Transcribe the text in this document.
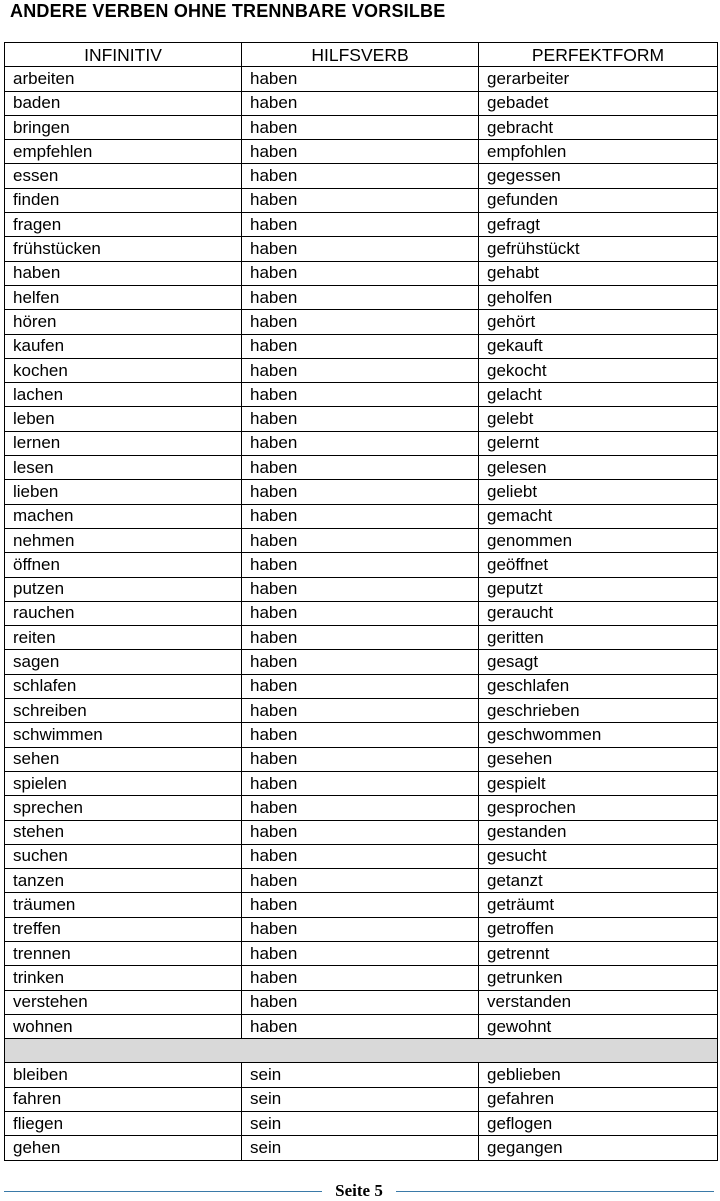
ANDERE VERBEN OHNE TRENNBARE VORSILBE
INFINITIV	HILFSVERB	PERFEKTFORM
arbeiten	haben	gerarbeiter
baden	haben	gebadet
bringen	haben	gebracht
empfehlen	haben	empfohlen
essen	haben	gegessen
finden	haben	gefunden
fragen	haben	gefragt
frühstücken	haben	gefrühstückt
haben	haben	gehabt
helfen	haben	geholfen
hören	haben	gehört
kaufen	haben	gekauft
kochen	haben	gekocht
lachen	haben	gelacht
leben	haben	gelebt
lernen	haben	gelernt
lesen	haben	gelesen
lieben	haben	geliebt
machen	haben	gemacht
nehmen	haben	genommen
öffnen	haben	geöffnet
putzen	haben	geputzt
rauchen	haben	geraucht
reiten	haben	geritten
sagen	haben	gesagt
schlafen	haben	geschlafen
schreiben	haben	geschrieben
schwimmen	haben	geschwommen
sehen	haben	gesehen
spielen	haben	gespielt
sprechen	haben	gesprochen
stehen	haben	gestanden
suchen	haben	gesucht
tanzen	haben	getanzt
träumen	haben	geträumt
treffen	haben	getroffen
trennen	haben	getrennt
trinken	haben	getrunken
verstehen	haben	verstanden
wohnen	haben	gewohnt

bleiben	sein	geblieben
fahren	sein	gefahren
fliegen	sein	geflogen
gehen	sein	gegangen
Seite 5
